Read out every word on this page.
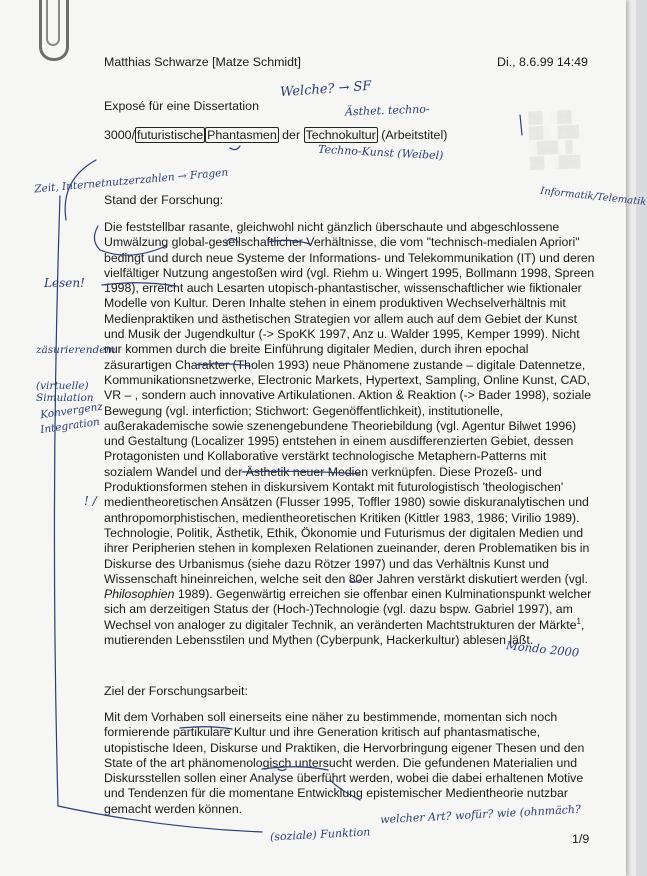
▓▓ ░▓▓
▓▓░ ▓▓▓
░▓▓▓ ▓
▓▓ ░▓▓▓
Matthias Schwarze [Matze Schmidt]	Di., 8.6.99 14:49
Exposé für eine Dissertation
3000/ futuristische Phantasmen der Technokultur (Arbeitstitel)
Stand der Forschung:

Die feststellbar rasante, gleichwohl nicht gänzlich überschaute und abgeschlossene Umwälzung global-gesellschaftlicher Verhältnisse, die vom "technisch-medialen Apriori" bedingt und durch neue Systeme der Informations- und Telekommunikation (IT) und deren vielfältiger Nutzung angestoßen wird (vgl. Riehm u. Wingert 1995, Bollmann 1998, Spreen 1998), erreicht auch Lesarten utopisch-phantastischer, wissenschaftlicher wie fiktionaler Modelle von Kultur. Deren Inhalte stehen in einem produktiven Wechselverhältnis mit Medienpraktiken und ästhetischen Strategien vor allem auch auf dem Gebiet der Kunst und Musik der Jugendkultur (-> SpoKK 1997, Anz u. Walder 1995, Kemper 1999). Nicht nur kommen durch die breite Einführung digitaler Medien, durch ihren epochal zäsurartigen Charakter (Tholen 1993) neue Phänomene zustande – digitale Datennetze, Kommunikationsnetzwerke, Electronic Markets, Hypertext, Sampling, Online Kunst, CAD, VR – , sondern auch innovative Artikulationen. Aktion & Reaktion (-> Bader 1998), soziale Bewegung (vgl. interfiction; Stichwort: Gegenöffentlichkeit), institutionelle, außerakademische sowie szenengebundene Theoriebildung (vgl. Agentur Bilwet 1996) und Gestaltung (Localizer 1995) entstehen in einem ausdifferenzierten Gebiet, dessen Protagonisten und Kollaborative verstärkt technologische Metaphern-Patterns mit sozialem Wandel und der Ästhetik neuer Medien verknüpfen. Diese Prozeß- und Produktionsformen stehen in diskursivem Kontakt mit futurologistisch 'theologischen' medientheoretischen Ansätzen (Flusser 1995, Toffler 1980) sowie diskuranalytischen und anthropomorphistischen, medientheoretischen Kritiken (Kittler 1983, 1986; Virilio 1989).

Technologie, Politik, Ästhetik, Ethik, Ökonomie und Futurismus der digitalen Medien und ihrer Peripherien stehen in komplexen Relationen zueinander, deren Problematiken bis in Diskurse des Urbanismus (siehe dazu Rötzer 1997) und das Verhältnis Kunst und Wissenschaft hineinreichen, welche seit den 80er Jahren verstärkt diskutiert werden (vgl. Philosophien 1989). Gegenwärtig erreichen sie offenbar einen Kulminationspunkt welcher sich am derzeitigen Status der (Hoch-)Technologie (vgl. dazu bspw. Gabriel 1997), am Wechsel von analoger zu digitaler Technik, an veränderten Machtstrukturen der Märkte$^1$, mutierenden Lebensstilen und Mythen (Cyberpunk, Hackerkultur) ablesen läßt.

Ziel der Forschungsarbeit:

Mit dem Vorhaben soll einerseits eine näher zu bestimmende, momentan sich noch formierende partikulare Kultur und ihre Generation kritisch auf phantasmatische, utopistische Ideen, Diskurse und Praktiken, die Hervorbringung eigener Thesen und den State of the art phänomenologisch untersucht werden. Die gefundenen Materialien und Diskursstellen sollen einer Analyse überführt werden, wobei die dabei erhaltenen Motive und Tendenzen für die momentane Entwicklung epistemischer Medientheorie nutzbar gemacht werden können.

1/9
Welche? → SF
Ästhet. techno-
Techno-Kunst (Weibel)
Zeit, Internetnutzerzahlen → Fragen
Informatik/Telematik
Lesen!
zäsurierendem
(virtuelle) Simulation
Konvergenz
Integration
! /
Mondo 2000
welcher Art? wofür? wie (ohnmäch?
(soziale) Funktion
